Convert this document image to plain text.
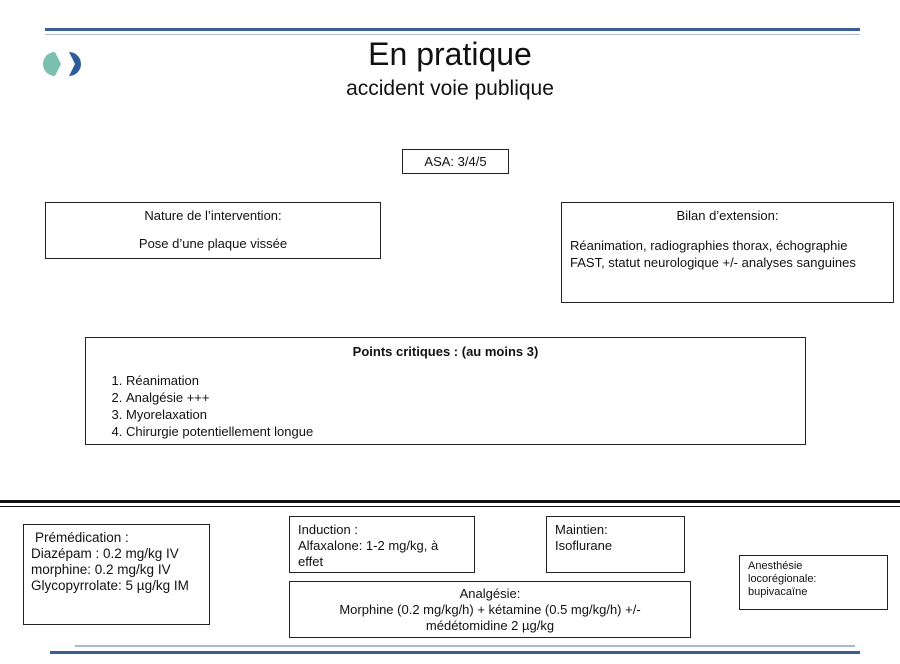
En pratique
accident voie publique
ASA: 3/4/5
Nature de l’intervention:
Pose d’une plaque vissée
Bilan d’extension:
Réanimation, radiographies thorax, échographie FAST, statut neurologique +/- analyses sanguines
Points critiques : (au moins 3)
1. Réanimation
2. Analgésie +++
3. Myorelaxation
4. Chirurgie potentiellement longue
Prémédication :
Diazépam : 0.2 mg/kg IV
morphine: 0.2 mg/kg IV
Glycopyrrolate: 5 µg/kg IM
Induction :
Alfaxalone: 1-2 mg/kg, à effet
Maintien:
Isoflurane
Anesthésie locorégionale: bupivacaïne
Analgésie:
Morphine (0.2 mg/kg/h) + kétamine (0.5 mg/kg/h) +/- médétomidine 2 µg/kg
